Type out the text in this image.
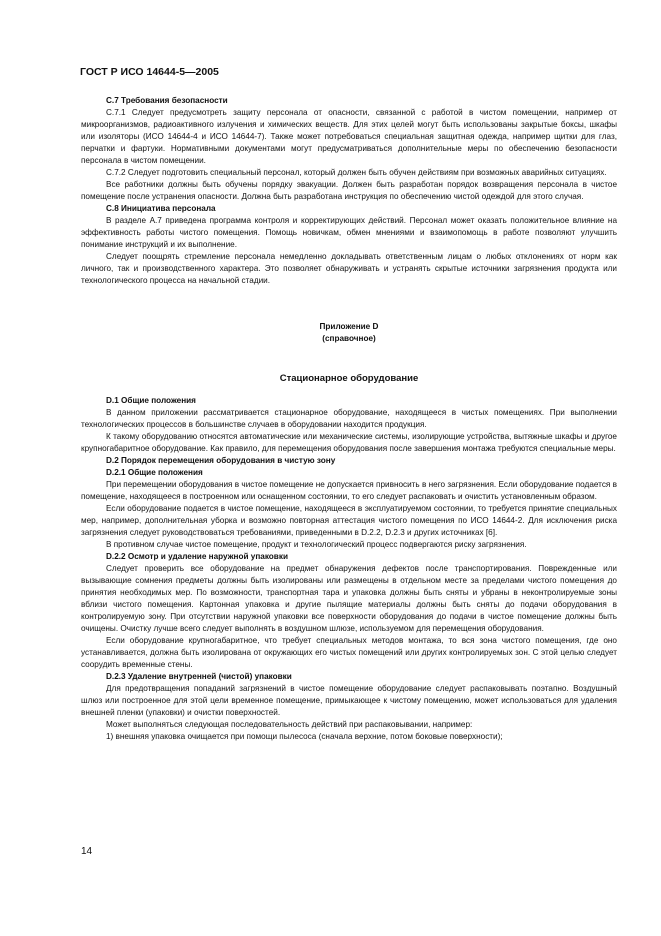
ГОСТ Р ИСО 14644-5—2005

С.7 Требования безопасности

С.7.1 Следует предусмотреть защиту персонала от опасности, связанной с работой в чистом помещении, например от микроорганизмов, радиоактивного излучения и химических веществ. Для этих целей могут быть использованы закрытые боксы, шкафы или изоляторы (ИСО 14644-4 и ИСО 14644-7). Также может потребоваться специальная защитная одежда, например щитки для глаз, перчатки и фартуки. Нормативными документами могут предусматриваться дополнительные меры по обеспечению безопасности персонала в чистом помещении.

С.7.2 Следует подготовить специальный персонал, который должен быть обучен действиям при возможных аварийных ситуациях.

Все работники должны быть обучены порядку эвакуации. Должен быть разработан порядок возвращения персонала в чистое помещение после устранения опасности. Должна быть разработана инструкция по обеспечению чистой одеждой для этого случая.

С.8 Инициатива персонала

В разделе А.7 приведена программа контроля и корректирующих действий. Персонал может оказать положительное влияние на эффективность работы чистого помещения. Помощь новичкам, обмен мнениями и взаимопомощь в работе позволяют улучшить понимание инструкций и их выполнение.

Следует поощрять стремление персонала немедленно докладывать ответственным лицам о любых отклонениях от норм как личного, так и производственного характера. Это позволяет обнаруживать и устранять скрытые источники загрязнения продукта или технологического процесса на начальной стадии.

Приложение D

(справочное)

Стационарное оборудование

D.1 Общие положения

В данном приложении рассматривается стационарное оборудование, находящееся в чистых помещениях. При выполнении технологических процессов в большинстве случаев в оборудовании находится продукция.

К такому оборудованию относятся автоматические или механические системы, изолирующие устройства, вытяжные шкафы и другое крупногабаритное оборудование. Как правило, для перемещения оборудования после завершения монтажа требуются специальные меры.

D.2 Порядок перемещения оборудования в чистую зону

D.2.1 Общие положения

При перемещении оборудования в чистое помещение не допускается привносить в него загрязнения. Если оборудование подается в помещение, находящееся в построенном или оснащенном состоянии, то его следует распаковать и очистить установленным образом.

Если оборудование подается в чистое помещение, находящееся в эксплуатируемом состоянии, то требуется принятие специальных мер, например, дополнительная уборка и возможно повторная аттестация чистого помещения по ИСО 14644-2. Для исключения риска загрязнения следует руководствоваться требованиями, приведенными в D.2.2, D.2.3 и других источниках [6].

В противном случае чистое помещение, продукт и технологический процесс подвергаются риску загрязнения.

D.2.2 Осмотр и удаление наружной упаковки

Следует проверить все оборудование на предмет обнаружения дефектов после транспортирования. Поврежденные или вызывающие сомнения предметы должны быть изолированы или размещены в отдельном месте за пределами чистого помещения до принятия необходимых мер. По возможности, транспортная тара и упаковка должны быть сняты и убраны в неконтролируемые зоны вблизи чистого помещения. Картонная упаковка и другие пылящие материалы должны быть сняты до подачи оборудования в контролируемую зону. При отсутствии наружной упаковки все поверхности оборудования до подачи в чистое помещение должны быть очищены. Очистку лучше всего следует выполнять в воздушном шлюзе, используемом для перемещения оборудования.

Если оборудование крупногабаритное, что требует специальных методов монтажа, то вся зона чистого помещения, где оно устанавливается, должна быть изолирована от окружающих его чистых помещений или других контролируемых зон. С этой целью следует соорудить временные стены.

D.2.3 Удаление внутренней (чистой) упаковки

Для предотвращения попаданий загрязнений в чистое помещение оборудование следует распаковывать поэтапно. Воздушный шлюз или построенное для этой цели временное помещение, примыкающее к чистому помещению, может использоваться для удаления внешней пленки (упаковки) и очистки поверхностей.

Может выполняться следующая последовательность действий при распаковывании, например:

1) внешняя упаковка очищается при помощи пылесоса (сначала верхние, потом боковые поверхности);

14
